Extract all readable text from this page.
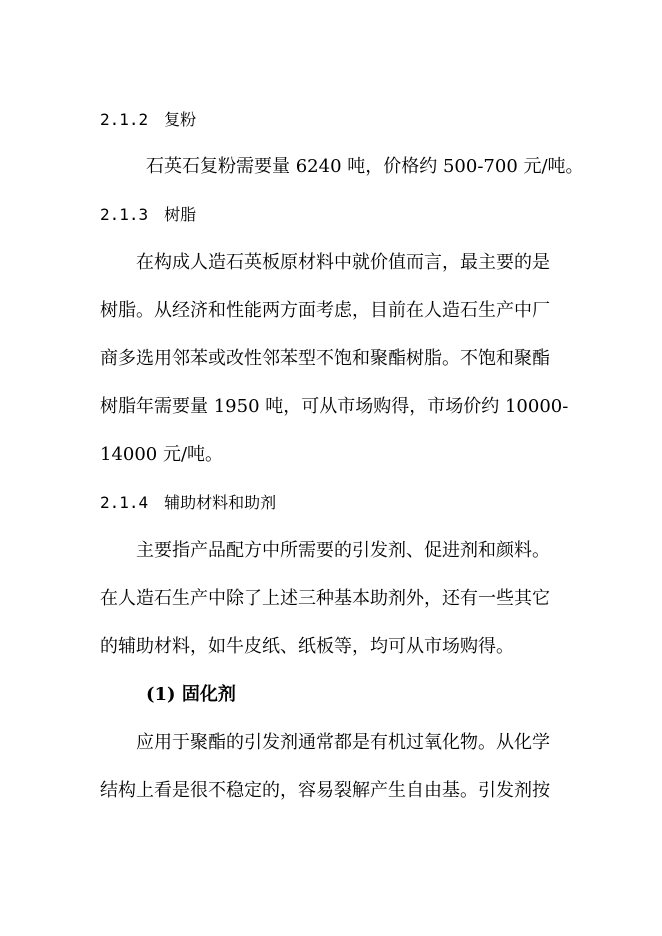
2.1.2　复粉
石英石复粉需要量 6240 吨，价格约 500-700 元/吨。
2.1.3　树脂
在构成人造石英板原材料中就价值而言，最主要的是
树脂。从经济和性能两方面考虑，目前在人造石生产中厂
商多选用邻苯或改性邻苯型不饱和聚酯树脂。不饱和聚酯
树脂年需要量 1950 吨，可从市场购得，市场价约 10000-
14000 元/吨。
2.1.4　辅助材料和助剂
主要指产品配方中所需要的引发剂、促进剂和颜料。
在人造石生产中除了上述三种基本助剂外，还有一些其它
的辅助材料，如牛皮纸、纸板等，均可从市场购得。
(1) 固化剂
应用于聚酯的引发剂通常都是有机过氧化物。从化学
结构上看是很不稳定的，容易裂解产生自由基。引发剂按
